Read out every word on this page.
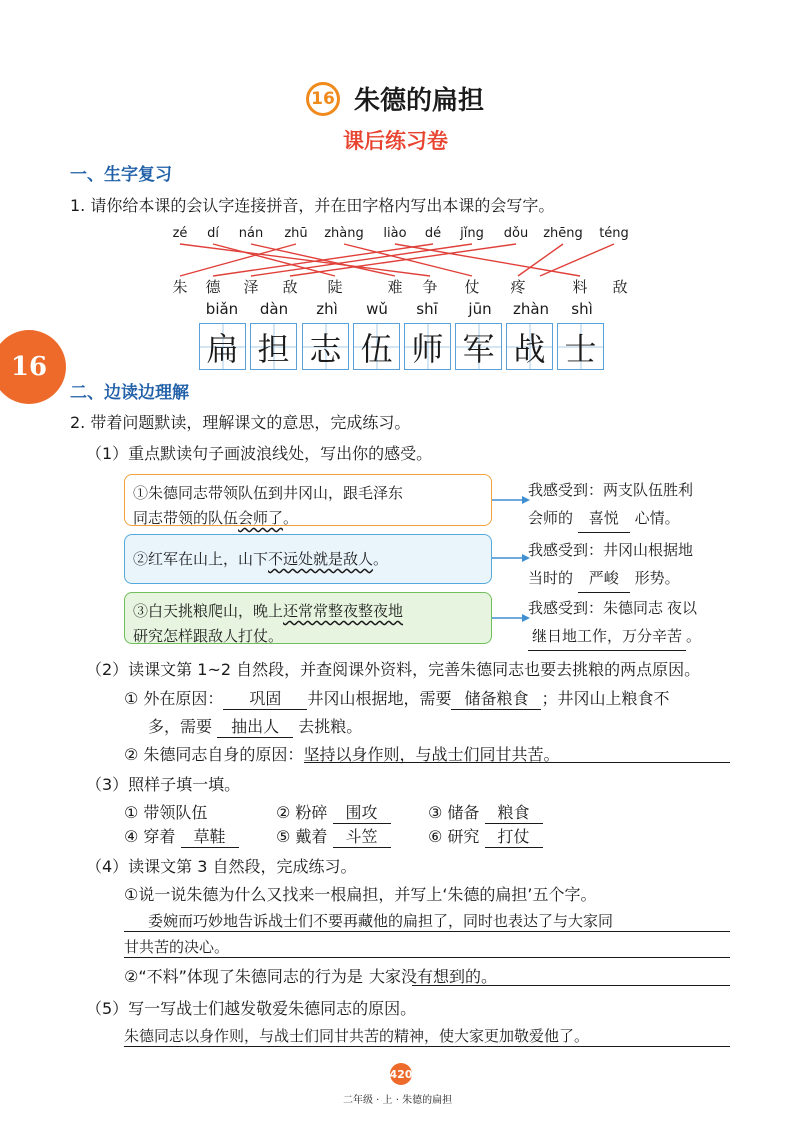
16 朱德的扁担
课后练习卷
16
一、生字复习
1. 请你给本课的会认字连接拼音，并在田字格内写出本课的会写字。
zé dí nán zhū zhàng liào dé jǐng dǒu zhēng téng
朱 德 泽 敌 陡	难 争 仗 疼	料 敌
biǎn dàn zhì wǔ shī jūn zhàn shì
扁 担 志 伍 师 军 战 士
二、边读边理解
2. 带着问题默读，理解课文的意思，完成练习。
（1）重点默读句子画波浪线处，写出你的感受。
①朱德同志带领队伍到井冈山，跟毛泽东
同志带领的队伍会师了。
我感受到：两支队伍胜利
会师的 喜悦 心情。
②红军在山上，山下不远处就是敌人。	我感受到：井冈山根据地
当时的 严峻 形势。
③白天挑粮爬山，晚上还常常整夜整夜地
研究怎样跟敌人打仗。
我感受到：朱德同志 夜以
继日地工作，万分辛苦 。
（2）读课文第 1~2 自然段，并查阅课外资料，完善朱德同志也要去挑粮的两点原因。
① 外在原因： 巩固 井冈山根据地，需要 储备粮食 ；井冈山上粮食不
多，需要 抽出人 去挑粮。
② 朱德同志自身的原因：坚持以身作则，与战士们同甘共苦。
（3）照样子填一填。
① 带领队伍	② 粉碎 围攻	③ 储备 粮食
④ 穿着 草鞋	⑤ 戴着 斗笠	⑥ 研究 打仗
（4）读课文第 3 自然段，完成练习。
①说一说朱德为什么又找来一根扁担，并写上‘朱德的扁担’五个字。
委婉而巧妙地告诉战士们不要再藏他的扁担了，同时也表达了与大家同
甘共苦的决心。
②“不料”体现了朱德同志的行为是 大家没有想到的。
（5）写一写战士们越发敬爱朱德同志的原因。
朱德同志以身作则，与战士们同甘共苦的精神，使大家更加敬爱他了。
420
二年级 · 上 · 朱德的扁担
